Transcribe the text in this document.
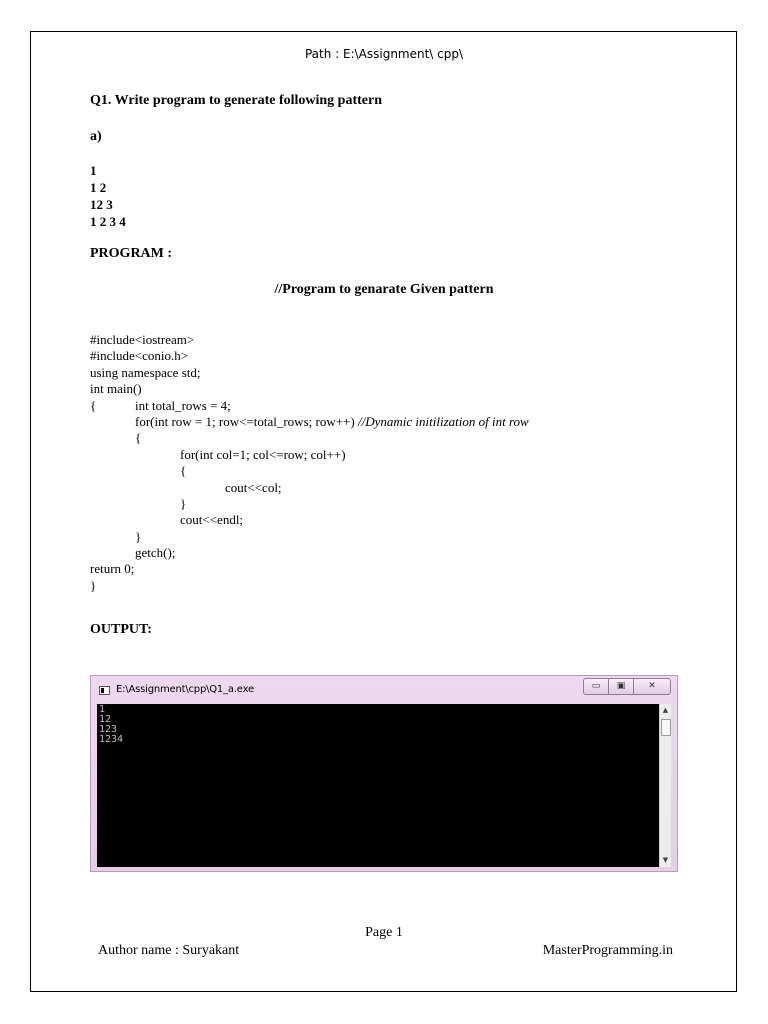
Path : E:\Assignment\ cpp\
Q1. Write program to generate following pattern
a)
1
1 2
12 3
1 2 3 4
PROGRAM :
//Program to genarate Given pattern
#include<iostream>
#include<conio.h>
using namespace std;
int main()
{	int total_rows = 4;
for(int row = 1; row<=total_rows; row++) //Dynamic initilization of int row
{
for(int col=1; col<=row; col++)
{
cout<<col;
}
cout<<endl;
}
getch();
return 0;
}
OUTPUT:
E:\Assignment\cpp\Q1_a.exe	▭	▣	✕
1
12
123
1234
▲
▼
Page 1
Author name : Suryakant	MasterProgramming.in
